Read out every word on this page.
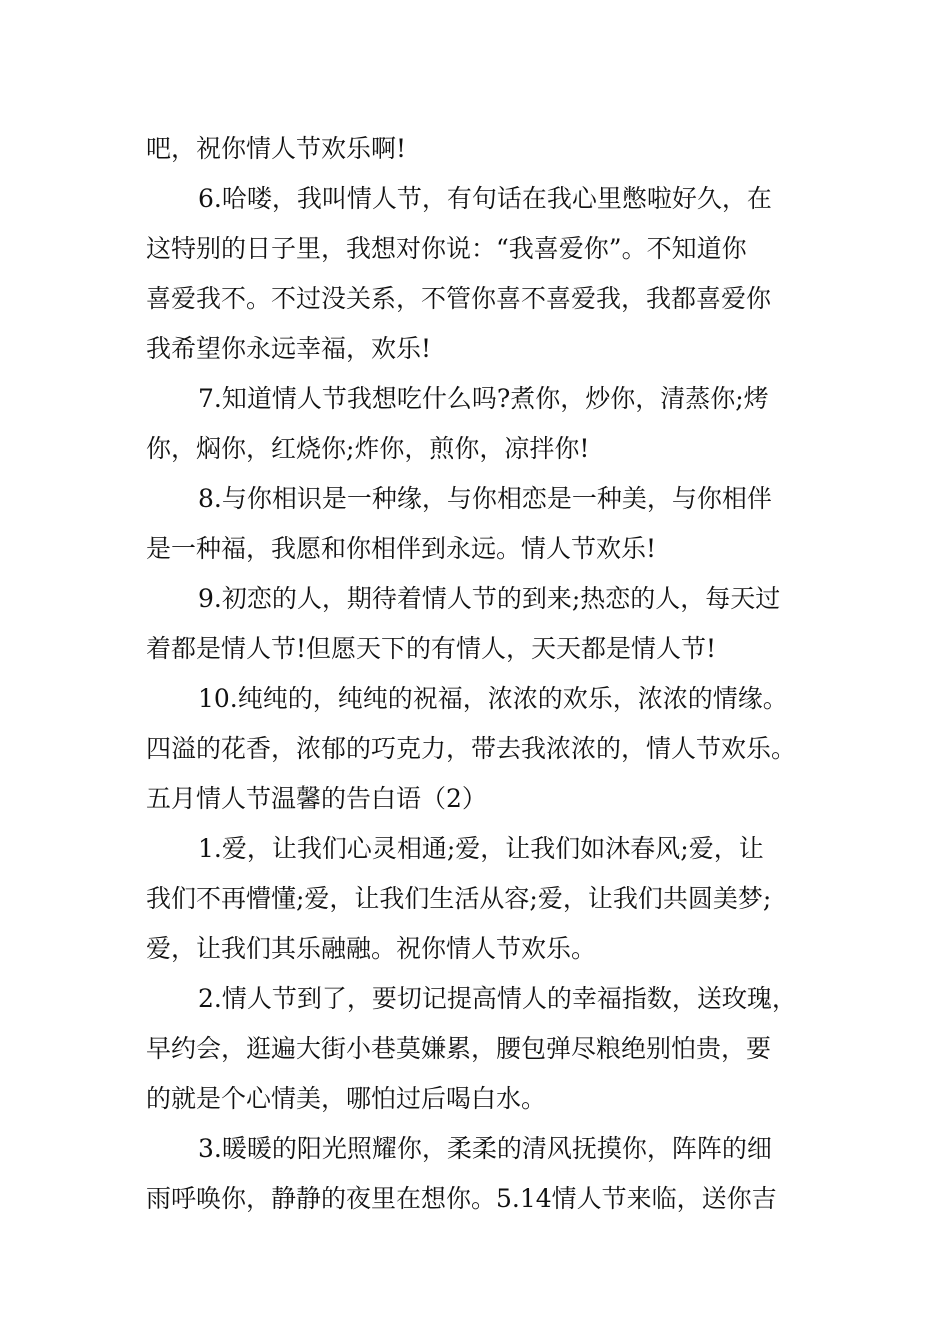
吧，祝你情人节欢乐啊!
6.哈喽，我叫情人节，有句话在我心里憋啦好久，在
这特别的日子里，我想对你说：“我喜爱你”。不知道你
喜爱我不。不过没关系，不管你喜不喜爱我，我都喜爱你
我希望你永远幸福，欢乐!
7.知道情人节我想吃什么吗?煮你，炒你，清蒸你;烤
你，焖你，红烧你;炸你，煎你，凉拌你!
8.与你相识是一种缘，与你相恋是一种美，与你相伴
是一种福，我愿和你相伴到永远。情人节欢乐!
9.初恋的人，期待着情人节的到来;热恋的人，每天过
着都是情人节!但愿天下的有情人，天天都是情人节!
10.纯纯的，纯纯的祝福，浓浓的欢乐，浓浓的情缘。
四溢的花香，浓郁的巧克力，带去我浓浓的，情人节欢乐。
五月情人节温馨的告白语（2）
1.爱，让我们心灵相通;爱，让我们如沐春风;爱，让
我们不再懵懂;爱，让我们生活从容;爱，让我们共圆美梦;
爱，让我们其乐融融。祝你情人节欢乐。
2.情人节到了，要切记提高情人的幸福指数，送玫瑰，
早约会，逛遍大街小巷莫嫌累，腰包弹尽粮绝别怕贵，要
的就是个心情美，哪怕过后喝白水。
3.暖暖的阳光照耀你，柔柔的清风抚摸你，阵阵的细
雨呼唤你，静静的夜里在想你。5.14情人节来临，送你吉
